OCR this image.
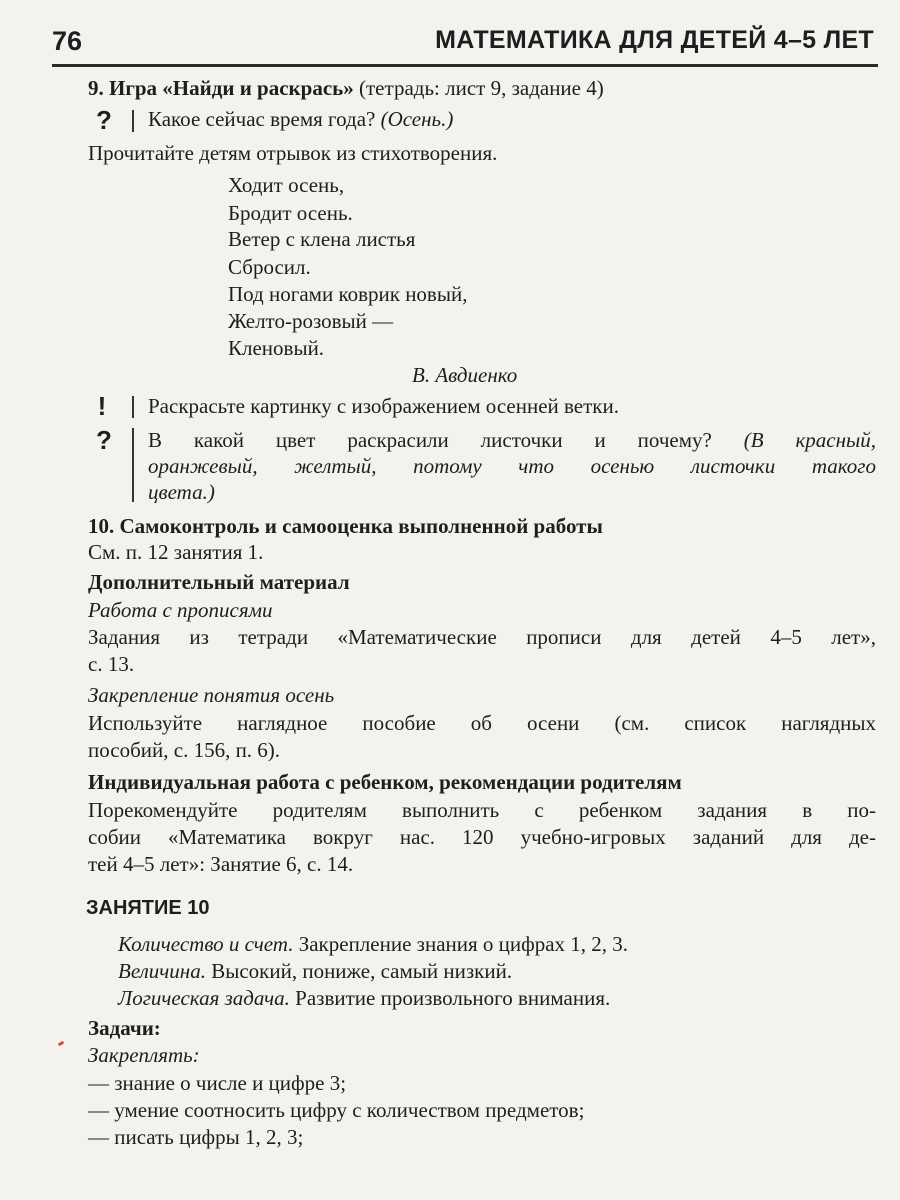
76	МАТЕМАТИКА ДЛЯ ДЕТЕЙ 4–5 ЛЕТ
9. Игра «Найди и раскрась» (тетрадь: лист 9, задание 4)
? Какое сейчас время года? (Осень.)
Прочитайте детям отрывок из стихотворения.
Ходит осень,
Бродит осень.
Ветер с клена листья
Сбросил.
Под ногами коврик новый,
Желто-розовый —
Кленовый.
В. Авдиенко
!	Раскрасьте картинку с изображением осенней ветки.
? В какой цвет раскрасили листочки и почему? (В красный,
оранжевый, желтый, потому что осенью листочки такого
цвета.)
10. Самоконтроль и самооценка выполненной работы
См. п. 12 занятия 1.
Дополнительный материал
Работа с прописями
Задания из тетради «Математические прописи для детей 4–5 лет»,
с. 13.
Закрепление понятия осень
Используйте наглядное пособие об осени (см. список наглядных
пособий, с. 156, п. 6).
Индивидуальная работа с ребенком, рекомендации родителям
Порекомендуйте родителям выполнить с ребенком задания в по-
собии «Математика вокруг нас. 120 учебно-игровых заданий для де-
тей 4–5 лет»: Занятие 6, с. 14.
ЗАНЯТИЕ 10
Количество и счет. Закрепление знания о цифрах 1, 2, 3.
Величина. Высокий, пониже, самый низкий.
Логическая задача. Развитие произвольного внимания.
Задачи:
Закреплять:
— знание о числе и цифре 3;
— умение соотносить цифру с количеством предметов;
— писать цифры 1, 2, 3;
